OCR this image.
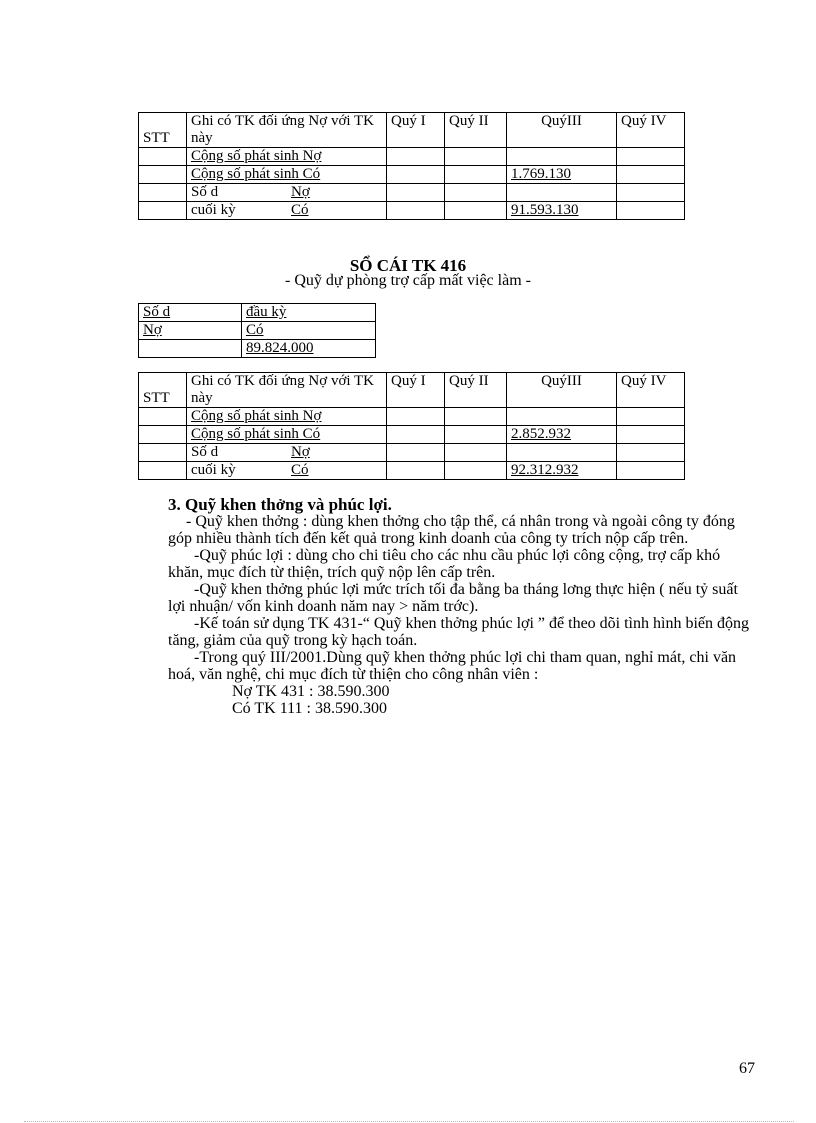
STT	Ghi có TK đối ứng Nợ với TK này	Quý I	Quý II	QuýIII	Quý IV
	Cộng số phát sinh Nợ				
	Cộng số phát sinh Có			1.769.130	
	Số d Nợ				
	cuối kỳ Có			91.593.130	
SỔ CÁI TK 416
- Quỹ dự phòng trợ cấp mất việc làm -
Số d	đầu kỳ
Nợ	Có
	89.824.000
STT	Ghi có TK đối ứng Nợ với TK này	Quý I	Quý II	QuýIII	Quý IV
	Cộng số phát sinh Nợ				
	Cộng số phát sinh Có			2.852.932	
	Số d Nợ				
	cuối kỳ Có			92.312.932	

3. Quỹ khen thởng và phúc lợi.

- Quỹ khen thởng : dùng khen thởng cho tập thể, cá nhân trong và ngoài công ty đóng góp nhiều thành tích đến kết quả trong kinh doanh của công ty trích nộp cấp trên.

-Quỹ phúc lợi : dùng cho chi tiêu cho các nhu cầu phúc lợi công cộng, trợ cấp khó khăn, mục đích từ thiện, trích quỹ nộp lên cấp trên.

-Quỹ khen thởng phúc lợi mức trích tối đa bằng ba tháng lơng thực hiện ( nếu tỷ suất lợi nhuận/ vốn kinh doanh năm nay > năm trớc).

-Kế toán sử dụng TK 431-“ Quỹ khen thởng phúc lợi ” để theo dõi tình hình biến động tăng, giảm của quỹ trong kỳ hạch toán.

-Trong quý III/2001.Dùng quỹ khen thởng phúc lợi chi tham quan, nghỉ mát, chi văn hoá, văn nghệ, chi mục đích từ thiện cho công nhân viên :

Nợ TK 431 : 38.590.300

Có TK 111 : 38.590.300

67
